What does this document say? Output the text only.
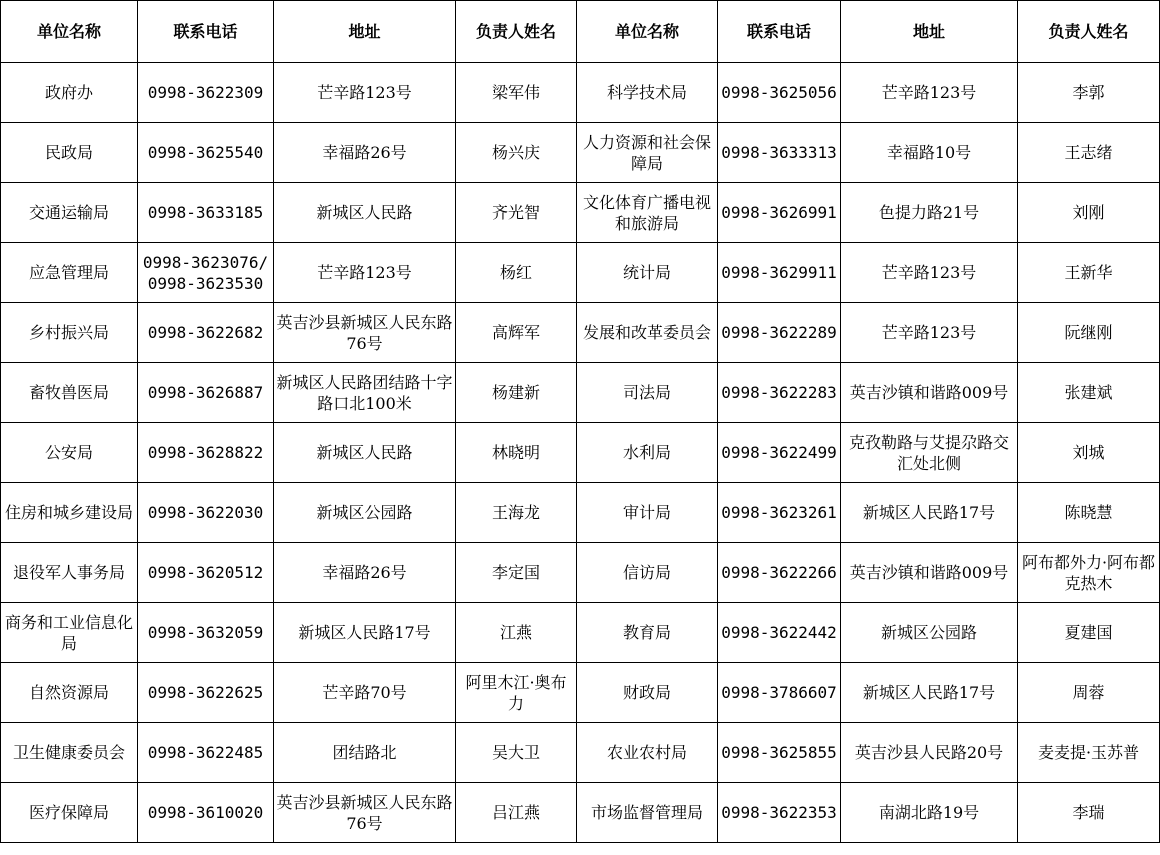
单位名称	联系电话	地址	负责人姓名	单位名称	联系电话	地址	负责人姓名
政府办	0998-3622309	芒辛路123号	梁军伟	科学技术局	0998-3625056	芒辛路123号	李郭
民政局	0998-3625540	幸福路26号	杨兴庆	人力资源和社会保障局	0998-3633313	幸福路10号	王志绪
交通运输局	0998-3633185	新城区人民路	齐光智	文化体育广播电视和旅游局	0998-3626991	色提力路21号	刘刚
应急管理局	0998-3623076/ 0998-3623530	芒辛路123号	杨红	统计局	0998-3629911	芒辛路123号	王新华
乡村振兴局	0998-3622682	英吉沙县新城区人民东路76号	高辉军	发展和改革委员会	0998-3622289	芒辛路123号	阮继刚
畜牧兽医局	0998-3626887	新城区人民路团结路十字路口北100米	杨建新	司法局	0998-3622283	英吉沙镇和谐路009号	张建斌
公安局	0998-3628822	新城区人民路	林晓明	水利局	0998-3622499	克孜勒路与艾提尕路交汇处北侧	刘城
住房和城乡建设局	0998-3622030	新城区公园路	王海龙	审计局	0998-3623261	新城区人民路17号	陈晓慧
退役军人事务局	0998-3620512	幸福路26号	李定国	信访局	0998-3622266	英吉沙镇和谐路009号	阿布都外力·阿布都克热木
商务和工业信息化局	0998-3632059	新城区人民路17号	江燕	教育局	0998-3622442	新城区公园路	夏建国
自然资源局	0998-3622625	芒辛路70号	阿里木江·奥布力	财政局	0998-3786607	新城区人民路17号	周蓉
卫生健康委员会	0998-3622485	团结路北	吴大卫	农业农村局	0998-3625855	英吉沙县人民路20号	麦麦提·玉苏普
医疗保障局	0998-3610020	英吉沙县新城区人民东路76号	吕江燕	市场监督管理局	0998-3622353	南湖北路19号	李瑞
